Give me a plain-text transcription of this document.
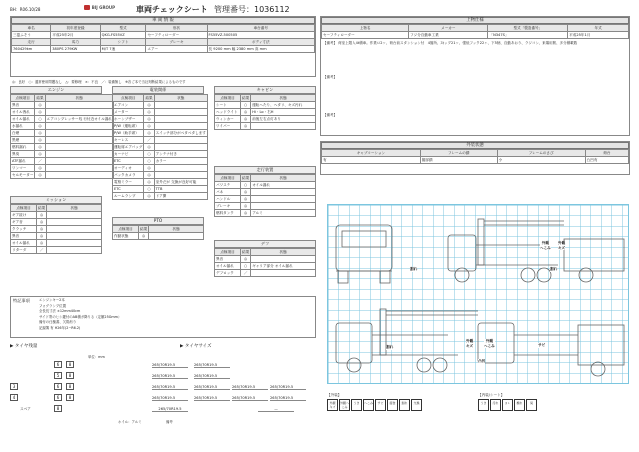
BH：R06.10/28	BIJ GROUP	車両チェックシート 管理番号：1036112
車 両 情 報
車名	初年度登録	型式	形状	車台番号
三菱ふそう	平成25年2月	QKG-FS55VZ	セーフティローダー	FS55VZ-500505
走行	馬力	シフト	ブレーキ	ボディ寸法
760429km	380PS 279KW	M/T 7速	エアー	長 9200 mm 幅 2380 mm 高 mm
◎：良好　○：通常使用問題なし　△：要修理　×：不良　／：装備無し　※各ご本で当社判断結果によるものです
上物仕様
上物名	メーカー	型式「製造番号」	年式
セーフティローダー	フジ分自動車工業	「N347S」	平成25年1月
【備考】 荷室上限入4t積車。作業ロ2ヶ、荷台前スタンション付　4箇所、ｽｷップ21ヶ、強低フック22ヶ、下5柄、自動あおり、ラジコン、来場用筋、多分積載数
【備考】
【備考】
外装状態
キャブコーション	フレームの錆	フレームのさび	荷台
有	腰部錆	小	凸凹有
エンジン
点検項目	結果	状態
異音	◎	
オイル洩れ	◎	
オイル漏れ	○	エアコンプレッサー処 行付近オイル漏れ
水漏れ	◎	
白煙	◎	
黒煙	◎	
燃料漏れ	◎	
異臭	◎	
ATF漏れ	／	
ワンマー	◎	
セルモーター	◎	
ミッション
点検項目	結果	状態
ギア抜け	◎	
ギア音	◎	
クラッチ	◎	
異音	◎	
オイル漏れ	◎	
リターダ	／	
電装関係
点検項目	結果	状態
エアコン	◎	
メーター	◎	
ホーンブザー	◎	
P/W（運転席）	◎	
P/W（助手席）	◎	スイッチ部分がベタベタします
キーレス	／	
運転席エアバッグ	◎	
カーナビ	○	アンテナ付き
ETC	○	カラー
オーディオ	◎	
バックカメラ	◎	
電格ミラー	◎	室外だが 交換が良好可能
ETC	○	TTB
ルームランプ	◎	ドア開
PTO
点検項目	結果	状態
作動状態	◎	
キャビン
点検項目	結果	状態
シート	○	運転へたり、ヘタリ、キズ汚れ
ヘッドライト	◎	Hi・Lo・右H
ウィンカー	◎	前後左右点灯あり
ワイパー	◎	
走行装置
点検項目	結果	状態
パワステ	○	オイル漏れ
バネ	◎	
ハンドル	◎	
ブレーキ	◎	
燃料タンク	◎	アルミ
デフ
点検項目	結果	状態
異音	◎	
オイル漏れ	○	ギャリア部分 オイル漏れ
デフロック	／	
特記事項	エンジンキー2本
フォグランプ位置
全長長寸法 ±12mm40cm
サイド寄のヒシ鍵付のAB積ガ降りる（定額25Gmm）
備付の仕様書、欠陥有り
記録簿 有 H26年(2~R6.2)
▶ タイヤ残量	▶ タイヤサイズ
単位：mm
6	8	265/70R19.5	265/70R19.5
5	8	265/70R19.5	265/70R19.5
3	6	8	265/70R19.5	265/70R19.5	265/70R19.5	265/70R19.5
4	6	8	265/70R19.5	265/70R19.5	265/70R19.5	265/70R19.5
スペア	8	265/70R19.5	—
ホイル：アルミ	備考
外観
へこみ
外観
キズ
割れ
割れ
外観
キズ
外観
へこみ	サビ
割れ
凸凹
【外装】
外観キズ外観へこみうき へこみ サビ 腐食 割れ 交換
【内装/シート】
うき 汚れ ヨレ 擦れ 臭
